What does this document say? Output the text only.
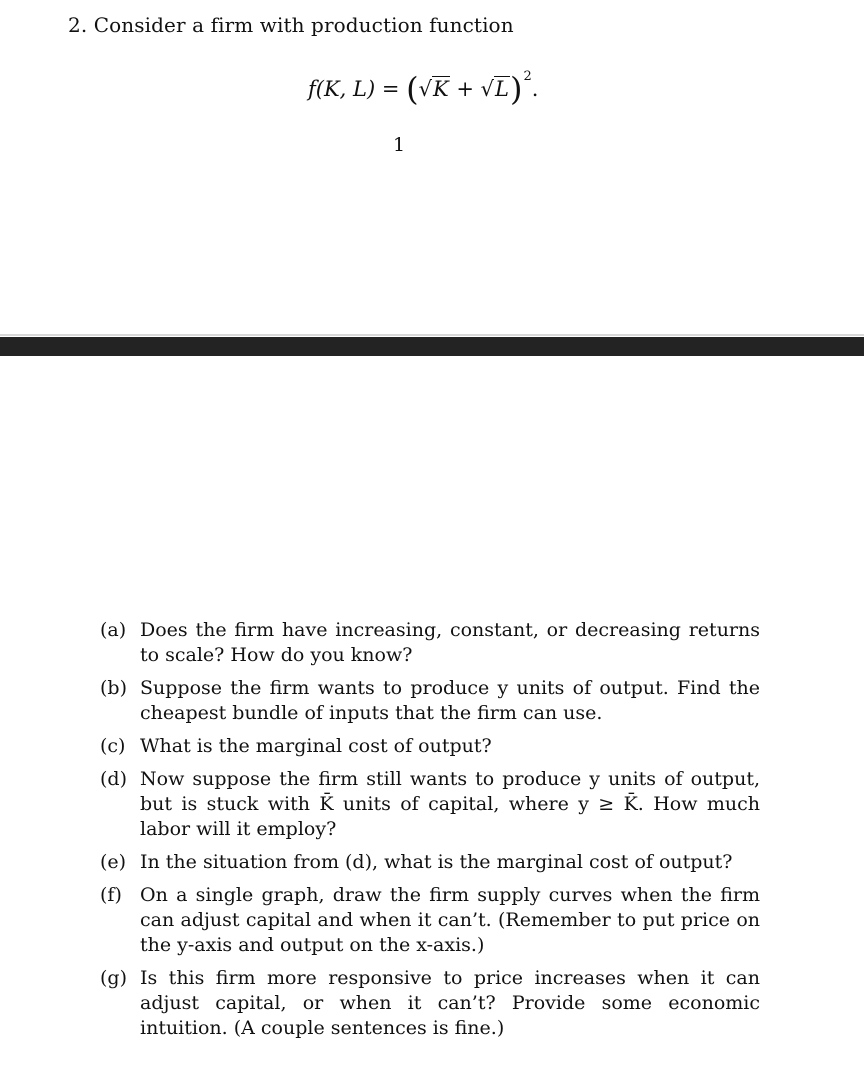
2. Consider a firm with production function
f(K, $L) = (√K + √L)^2$.
1
(a) Does the firm have increasing, constant, or decreasing returns to scale? How do you know?
(b) Suppose the firm wants to produce y units of output. Find the cheapest bundle of inputs that the firm can use.
(c) What is the marginal cost of output?
(d) Now suppose the firm still wants to produce y units of output, but is stuck with K̄ units of capital, where y ≥ K̄. How much labor will it employ?
(e) In the situation from (d), what is the marginal cost of output?
(f) On a single graph, draw the firm supply curves when the firm can adjust capital and when it can’t. (Remember to put price on the y-axis and output on the x-axis.)
(g) Is this firm more responsive to price increases when it can adjust capital, or when it can’t? Provide some economic intuition. (A couple sentences is fine.)
